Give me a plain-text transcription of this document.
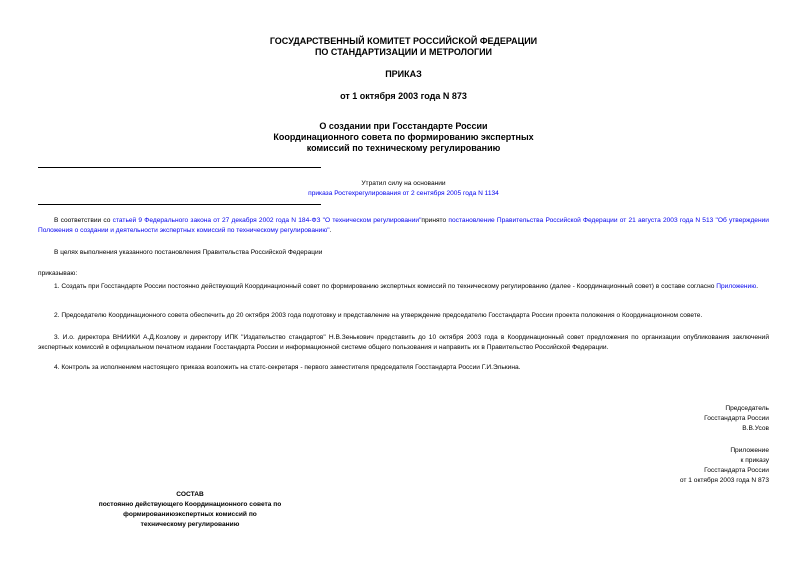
ГОСУДАРСТВЕННЫЙ КОМИТЕТ РОССИЙСКОЙ ФЕДЕРАЦИИ
ПО СТАНДАРТИЗАЦИИ И МЕТРОЛОГИИ
ПРИКАЗ
от 1 октября 2003 года N 873
О создании при Госстандарте России
Координационного совета по формированию экспертных
комиссий по техническому регулированию
Утратил силу на основании
приказа Ростехрегулирования от 2 сентября 2005 года N 1134
В соответствии со статьей 9 Федерального закона от 27 декабря 2002 года N 184-ФЗ "О техническом регулировании"принято постановление Правительства Российской Федерации от 21 августа 2003 года N 513 "Об утверждении Положения о создании и деятельности экспертных комиссий по техническому регулированию".
В целях выполнения указанного постановления Правительства Российской Федерации
приказываю:
1. Создать при Госстандарте России постоянно действующий Координационный совет по формированию экспертных комиссий по техническому регулированию (далее - Координационный совет) в составе согласно Приложению.
2. Председателю Координационного совета обеспечить до 20 октября 2003 года подготовку и представление на утверждение председателю Госстандарта России проекта положения о Координационном совете.
3. И.о. директора ВНИИКИ А.Д.Козлову и директору ИПК "Издательство стандартов" Н.В.Зенькович представить до 10 октября 2003 года в Координационный совет предложения по организации опубликования заключений экспертных комиссий в официальном печатном издании Госстандарта России и информационной системе общего пользования и направить их в Правительство Российской Федерации.
4. Контроль за исполнением настоящего приказа возложить на статс-секретаря - первого заместителя председателя Госстандарта России Г.И.Элькина.
Председатель
Госстандарта России
В.В.Усов
Приложение
к приказу
Госстандарта России
от 1 октября 2003 года N 873
СОСТАВ
постоянно действующего Координационного совета по
формированиюэкспертных комиссий по
техническому регулированию
